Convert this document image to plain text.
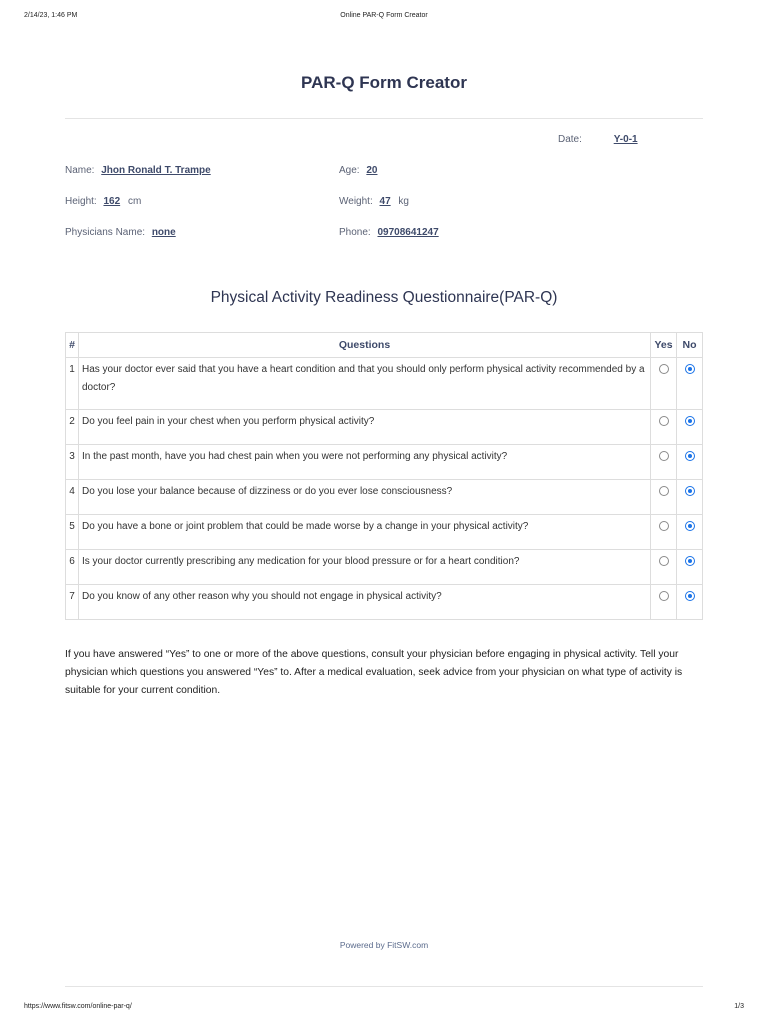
2/14/23, 1:46 PM	Online PAR-Q Form Creator
PAR-Q Form Creator
Date:	Y-0-1
Name: Jhon Ronald T. Trampe	Age: 20
Height: 162 cm	Weight: 47 kg
Physicians Name: none	Phone: 09708641247
Physical Activity Readiness Questionnaire(PAR-Q)
#	Questions	Yes	No
1	Has your doctor ever said that you have a heart condition and that you should only perform physical activity recommended by a doctor?		
2	Do you feel pain in your chest when you perform physical activity?		
3	In the past month, have you had chest pain when you were not performing any physical activity?		
4	Do you lose your balance because of dizziness or do you ever lose consciousness?		
5	Do you have a bone or joint problem that could be made worse by a change in your physical activity?		
6	Is your doctor currently prescribing any medication for your blood pressure or for a heart condition?		
7	Do you know of any other reason why you should not engage in physical activity?		
If you have answered “Yes” to one or more of the above questions, consult your physician before engaging in physical activity. Tell your physician which questions you answered “Yes” to. After a medical evaluation, seek advice from your physician on what type of activity is suitable for your current condition.
Powered by FitSW.com
https://www.fitsw.com/online-par-q/	1/3
